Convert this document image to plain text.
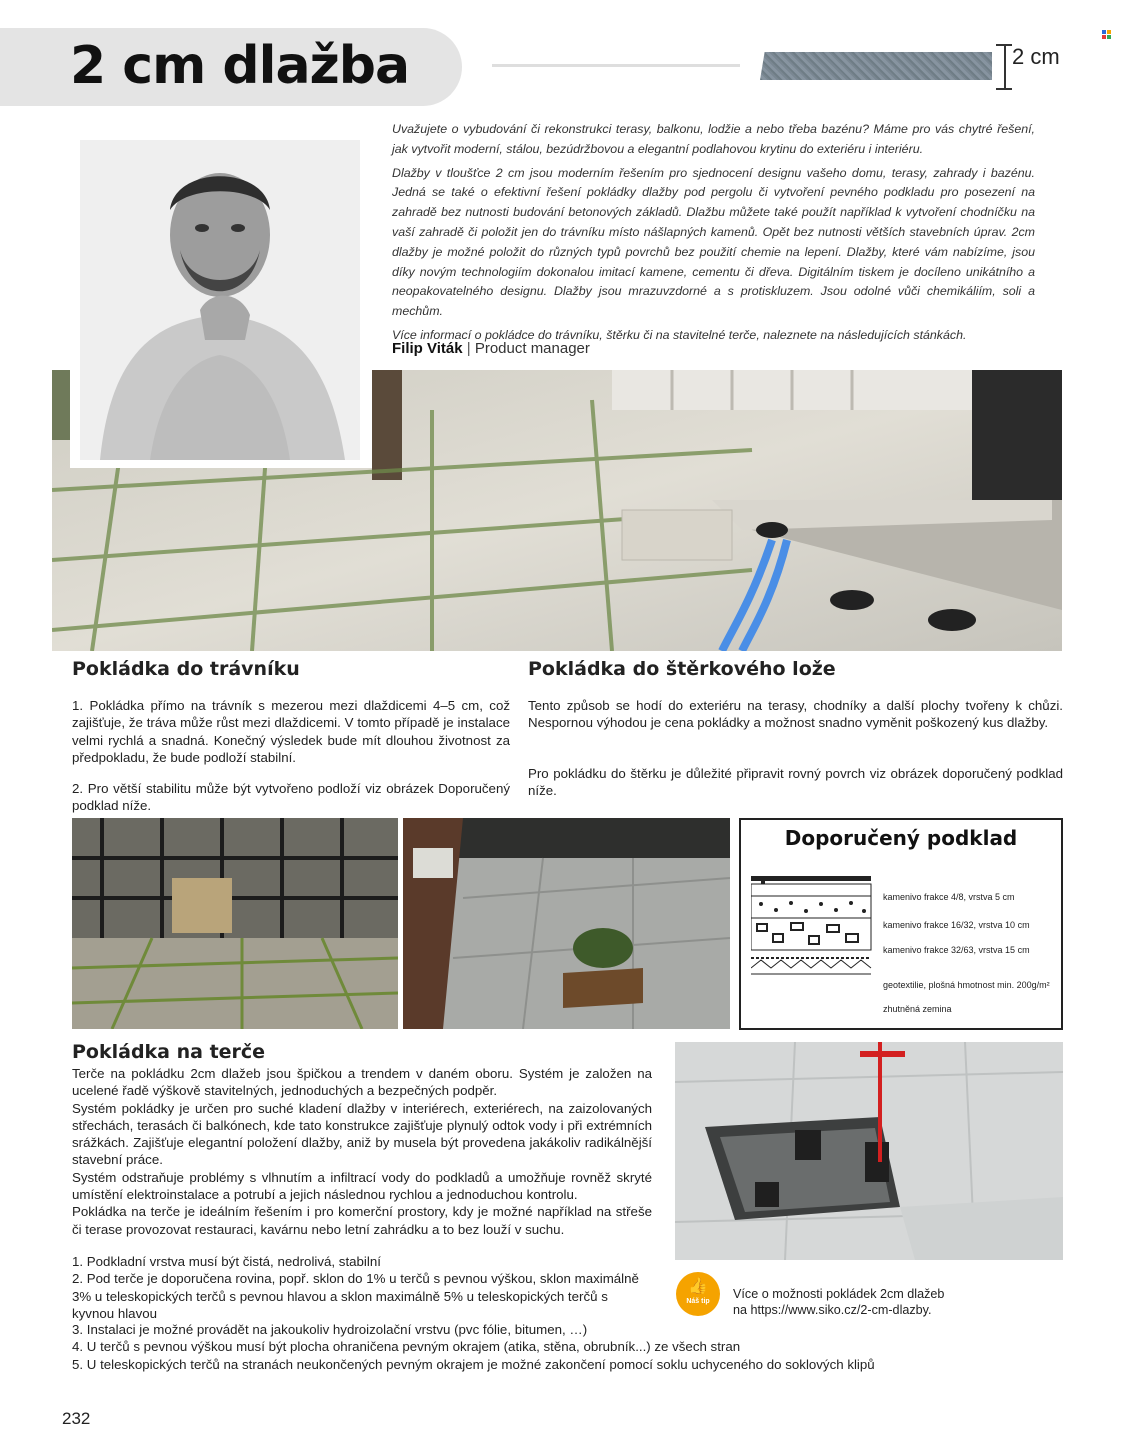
2 cm dlažba	2 cm

Uvažujete o vybudování či rekonstrukci terasy, balkonu, lodžie a nebo třeba bazénu? Máme pro vás chytré řešení, jak vytvořit moderní, stálou, bezúdržbovou a elegantní podlahovou krytinu do exteriéru i interiéru.

Dlažby v tloušťce 2 cm jsou moderním řešením pro sjednocení designu vašeho domu, terasy, zahrady i bazénu. Jedná se také o efektivní řešení pokládky dlažby pod pergolu či vytvoření pevného podkladu pro posezení na zahradě bez nutnosti budování betonových základů. Dlažbu můžete také použít například k vytvoření chodníčku na vaší zahradě či položit jen do trávníku místo nášlapných kamenů. Opět bez nutnosti větších stavebních úprav. 2cm dlažby je možné položit do různých typů povrchů bez použití chemie na lepení. Dlažby, které vám nabízíme, jsou díky novým technologiím dokonalou imitací kamene, cementu či dřeva. Digitálním tiskem je docíleno unikátního a neopakovatelného designu. Dlažby jsou mrazuvzdorné a s protiskluzem. Jsou odolné vůči chemikáliím, soli a mechům.

Více informací o pokládce do trávníku, štěrku či na stavitelné terče, naleznete na následujících stánkách.

Filip Viták | Product manager
Pokládka do trávníku
1. Pokládka přímo na trávník s mezerou mezi dlaždicemi 4–5 cm, což zajišťuje, že tráva může růst mezi dlaždicemi. V tomto případě je instalace velmi rychlá a snadná. Konečný výsledek bude mít dlouhou životnost za předpokladu, že bude podloží stabilní.
2. Pro větší stabilitu může být vytvořeno podloží viz obrázek Doporučený podklad níže.
Pokládka do štěrkového lože
Tento způsob se hodí do exteriéru na terasy, chodníky a další plochy tvořeny k chůzi. Nespornou výhodou je cena pokládky a možnost snadno vyměnit poškozený kus dlažby.
Pro pokládku do štěrku je důležité připravit rovný povrch viz obrázek doporučený podklad níže.
Doporučený podklad
kamenivo frakce 4/8, vrstva 5 cm
kamenivo frakce 16/32, vrstva 10 cm
kamenivo frakce 32/63, vrstva 15 cm
geotextilie, plošná hmotnost min. 200g/m²
zhutněná zemina
Pokládka na terče
Terče na pokládku 2cm dlažeb jsou špičkou a trendem v daném oboru. Systém je založen na ucelené řadě výškově stavitelných, jednoduchých a bezpečných podpěr.
Systém pokládky je určen pro suché kladení dlažby v interiérech, exteriérech, na zaizolovaných střechách, terasách či balkónech, kde tato konstrukce zajišťuje plynulý odtok vody i při extrémních srážkách. Zajišťuje elegantní položení dlažby, aniž by musela být provedena jakákoliv radikálnější stavební práce.
Systém odstraňuje problémy s vlhnutím a infiltrací vody do podkladů a umožňuje rovněž skryté umístění elektroinstalace a potrubí a jejich následnou rychlou a jednoduchou kontrolu.
Pokládka na terče je ideálním řešením i pro komerční prostory, kdy je možné například na střeše či terase provozovat restauraci, kavárnu nebo letní zahrádku a to bez louží v suchu.
1. Podkladní vrstva musí být čistá, nedrolivá, stabilní
2. Pod terče je doporučena rovina, popř. sklon do 1% u terčů s pevnou výškou, sklon maximálně 3% u teleskopických terčů s pevnou hlavou a sklon maximálně 5% u teleskopických terčů s kyvnou hlavou
3. Instalaci je možné provádět na jakoukoliv hydroizolační vrstvu (pvc fólie, bitumen, …)
4. U terčů s pevnou výškou musí být plocha ohraničena pevným okrajem (atika, stěna, obrubník...) ze všech stran
5. U teleskopických terčů na stranách neukončených pevným okrajem je možné zakončení pomocí soklu uchyceného do soklových klipů
👍
Náš tip
Více o možnosti pokládek 2cm dlažeb
na https://www.siko.cz/2-cm-dlazby.
232
